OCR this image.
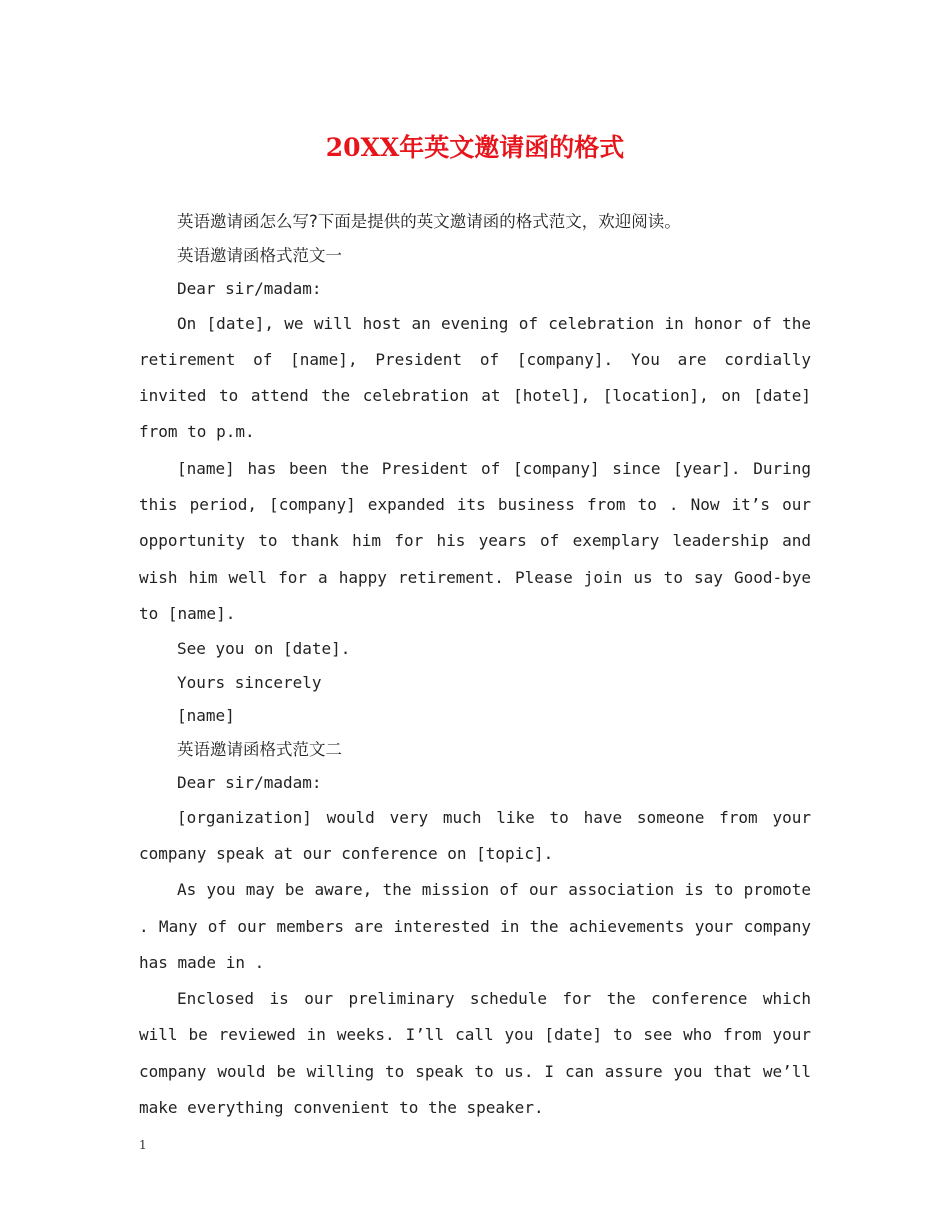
20XX年英文邀请函的格式

英语邀请函怎么写?下面是提供的英文邀请函的格式范文，欢迎阅读。

英语邀请函格式范文一

Dear sir/madam:

On [date], we will host an evening of celebration in honor of the retirement of [name], President of [company]. You are cordially invited to attend the celebration at [hotel], [location], on [date] from to p.m.

[name] has been the President of [company] since [year]. During this period, [company] expanded its business from to . Now it’s our opportunity to thank him for his years of exemplary leadership and wish him well for a happy retirement. Please join us to say Good-bye to [name].

See you on [date].

Yours sincerely

[name]

英语邀请函格式范文二

Dear sir/madam:

[organization] would very much like to have someone from your company speak at our conference on [topic].

As you may be aware, the mission of our association is to promote . Many of our members are interested in the achievements your company has made in .

Enclosed is our preliminary schedule for the conference which will be reviewed in weeks. I’ll call you [date] to see who from your company would be willing to speak to us. I can assure you that we’ll make everything convenient to the speaker.

1
